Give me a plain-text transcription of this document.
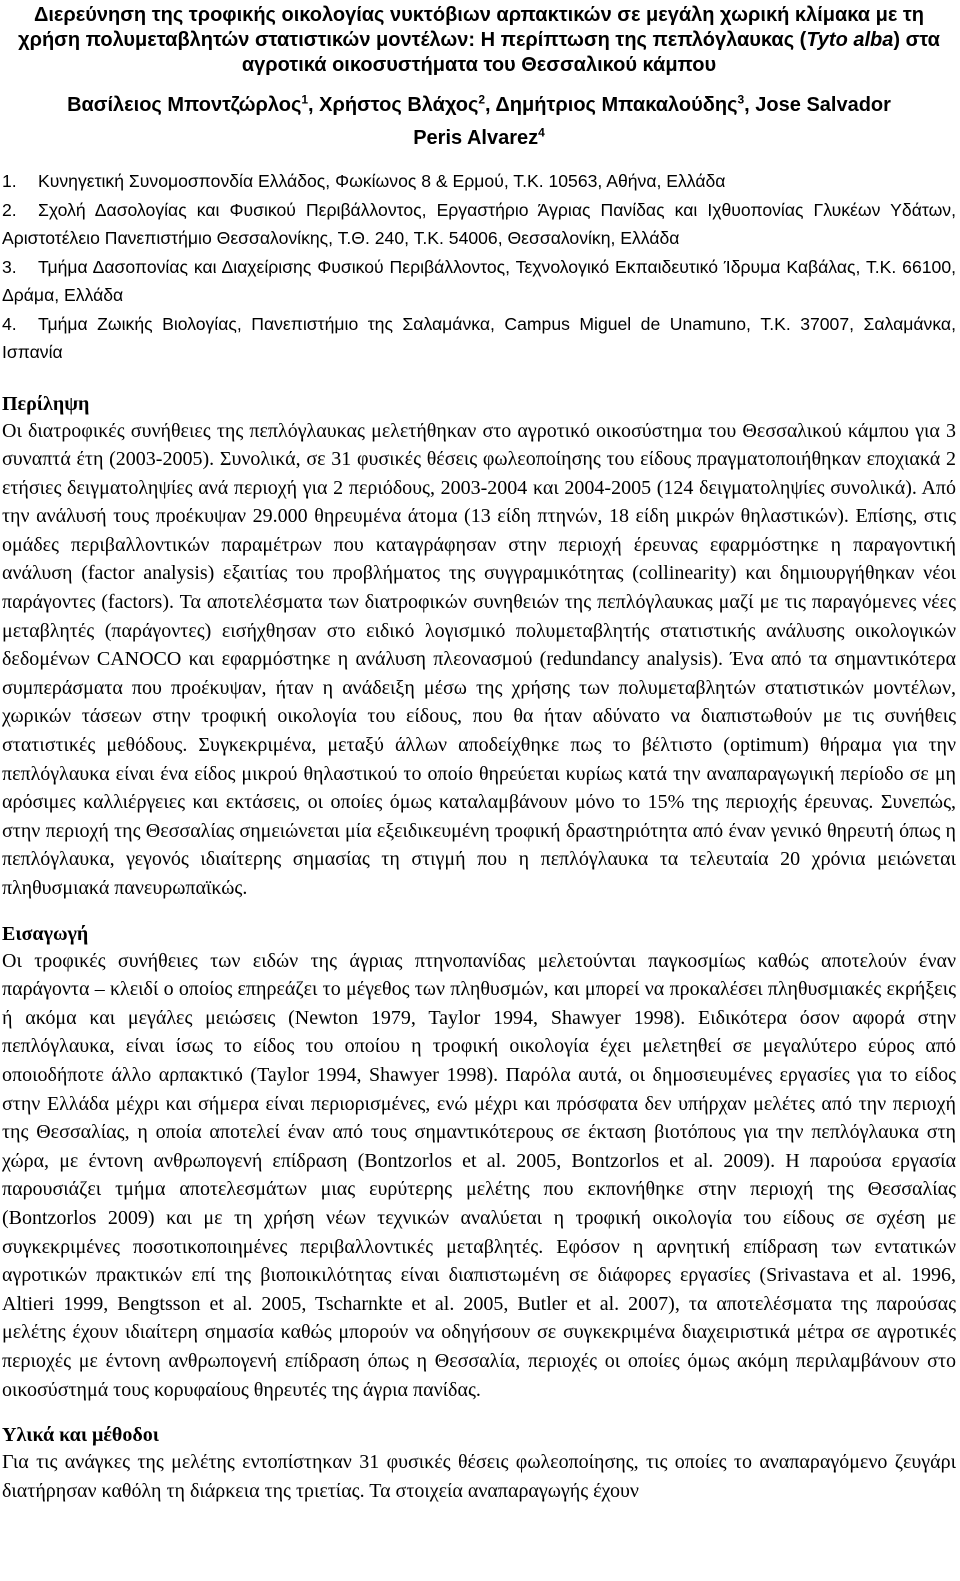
Διερεύνηση της τροφικής οικολογίας νυκτόβιων αρπακτικών σε μεγάλη χωρική κλίμακα με τη χρήση πολυμεταβλητών στατιστικών μοντέλων: Η περίπτωση της πεπλόγλαυκας (Tyto alba) στα αγροτικά οικοσυστήματα του Θεσσαλικού κάμπου
Βασίλειος Μποντζώρλος$^1$, Χρήστος Βλάχος$^2$, Δημήτριος Μπακαλούδης$^3$, Jose Salvador Peris Alvarez$^4$
1. Κυνηγετική Συνομοσπονδία Ελλάδος, Φωκίωνος 8 & Ερμού, Τ.Κ. 10563, Αθήνα, Ελλάδα
2. Σχολή Δασολογίας και Φυσικού Περιβάλλοντος, Εργαστήριο Άγριας Πανίδας και Ιχθυοπονίας Γλυκέων Υδάτων, Αριστοτέλειο Πανεπιστήμιο Θεσσαλονίκης, Τ.Θ. 240, Τ.Κ. 54006, Θεσσαλονίκη, Ελλάδα
3. Τμήμα Δασοπονίας και Διαχείρισης Φυσικού Περιβάλλοντος, Τεχνολογικό Εκπαιδευτικό Ίδρυμα Καβάλας, Τ.Κ. 66100, Δράμα, Ελλάδα
4. Τμήμα Ζωικής Βιολογίας, Πανεπιστήμιο της Σαλαμάνκα, Campus Miguel de Unamuno, Τ.Κ. 37007, Σαλαμάνκα, Ισπανία
Περίληψη

Οι διατροφικές συνήθειες της πεπλόγλαυκας μελετήθηκαν στο αγροτικό οικοσύστημα του Θεσσαλικού κάμπου για 3 συναπτά έτη (2003-2005). Συνολικά, σε 31 φυσικές θέσεις φωλεοποίησης του είδους πραγματοποιήθηκαν εποχιακά 2 ετήσιες δειγματοληψίες ανά περιοχή για 2 περιόδους, 2003-2004 και 2004-2005 (124 δειγματοληψίες συνολικά). Από την ανάλυσή τους προέκυψαν 29.000 θηρευμένα άτομα (13 είδη πτηνών, 18 είδη μικρών θηλαστικών). Επίσης, στις ομάδες περιβαλλοντικών παραμέτρων που καταγράφησαν στην περιοχή έρευνας εφαρμόστηκε η παραγοντική ανάλυση (factor analysis) εξαιτίας του προβλήματος της συγγραμικότητας (collinearity) και δημιουργήθηκαν νέοι παράγοντες (factors). Τα αποτελέσματα των διατροφικών συνηθειών της πεπλόγλαυκας μαζί με τις παραγόμενες νέες μεταβλητές (παράγοντες) εισήχθησαν στο ειδικό λογισμικό πολυμεταβλητής στατιστικής ανάλυσης οικολογικών δεδομένων CANOCO και εφαρμόστηκε η ανάλυση πλεονασμού (redundancy analysis). Ένα από τα σημαντικότερα συμπεράσματα που προέκυψαν, ήταν η ανάδειξη μέσω της χρήσης των πολυμεταβλητών στατιστικών μοντέλων, χωρικών τάσεων στην τροφική οικολογία του είδους, που θα ήταν αδύνατο να διαπιστωθούν με τις συνήθεις στατιστικές μεθόδους. Συγκεκριμένα, μεταξύ άλλων αποδείχθηκε πως το βέλτιστο (optimum) θήραμα για την πεπλόγλαυκα είναι ένα είδος μικρού θηλαστικού το οποίο θηρεύεται κυρίως κατά την αναπαραγωγική περίοδο σε μη αρόσιμες καλλιέργειες και εκτάσεις, οι οποίες όμως καταλαμβάνουν μόνο το 15% της περιοχής έρευνας. Συνεπώς, στην περιοχή της Θεσσαλίας σημειώνεται μία εξειδικευμένη τροφική δραστηριότητα από έναν γενικό θηρευτή όπως η πεπλόγλαυκα, γεγονός ιδιαίτερης σημασίας τη στιγμή που η πεπλόγλαυκα τα τελευταία 20 χρόνια μειώνεται πληθυσμιακά πανευρωπαϊκώς.

Εισαγωγή

Οι τροφικές συνήθειες των ειδών της άγριας πτηνοπανίδας μελετούνται παγκοσμίως καθώς αποτελούν έναν παράγοντα – κλειδί ο οποίος επηρεάζει το μέγεθος των πληθυσμών, και μπορεί να προκαλέσει πληθυσμιακές εκρήξεις ή ακόμα και μεγάλες μειώσεις (Newton 1979, Taylor 1994, Shawyer 1998). Ειδικότερα όσον αφορά στην πεπλόγλαυκα, είναι ίσως το είδος του οποίου η τροφική οικολογία έχει μελετηθεί σε μεγαλύτερο εύρος από οποιοδήποτε άλλο αρπακτικό (Taylor 1994, Shawyer 1998). Παρόλα αυτά, οι δημοσιευμένες εργασίες για το είδος στην Ελλάδα μέχρι και σήμερα είναι περιορισμένες, ενώ μέχρι και πρόσφατα δεν υπήρχαν μελέτες από την περιοχή της Θεσσαλίας, η οποία αποτελεί έναν από τους σημαντικότερους σε έκταση βιοτόπους για την πεπλόγλαυκα στη χώρα, με έντονη ανθρωπογενή επίδραση (Bontzorlos et al. 2005, Bontzorlos et al. 2009). Η παρούσα εργασία παρουσιάζει τμήμα αποτελεσμάτων μιας ευρύτερης μελέτης που εκπονήθηκε στην περιοχή της Θεσσαλίας (Bontzorlos 2009) και με τη χρήση νέων τεχνικών αναλύεται η τροφική οικολογία του είδους σε σχέση με συγκεκριμένες ποσοτικοποιημένες περιβαλλοντικές μεταβλητές. Εφόσον η αρνητική επίδραση των εντατικών αγροτικών πρακτικών επί της βιοποικιλότητας είναι διαπιστωμένη σε διάφορες εργασίες (Srivastava et al. 1996, Altieri 1999, Bengtsson et al. 2005, Tscharnkte et al. 2005, Butler et al. 2007), τα αποτελέσματα της παρούσας μελέτης έχουν ιδιαίτερη σημασία καθώς μπορούν να οδηγήσουν σε συγκεκριμένα διαχειριστικά μέτρα σε αγροτικές περιοχές με έντονη ανθρωπογενή επίδραση όπως η Θεσσαλία, περιοχές οι οποίες όμως ακόμη περιλαμβάνουν στο οικοσύστημά τους κορυφαίους θηρευτές της άγρια πανίδας.

Υλικά και μέθοδοι

Για τις ανάγκες της μελέτης εντοπίστηκαν 31 φυσικές θέσεις φωλεοποίησης, τις οποίες το αναπαραγόμενο ζευγάρι διατήρησαν καθόλη τη διάρκεια της τριετίας. Τα στοιχεία αναπαραγωγής έχουν
